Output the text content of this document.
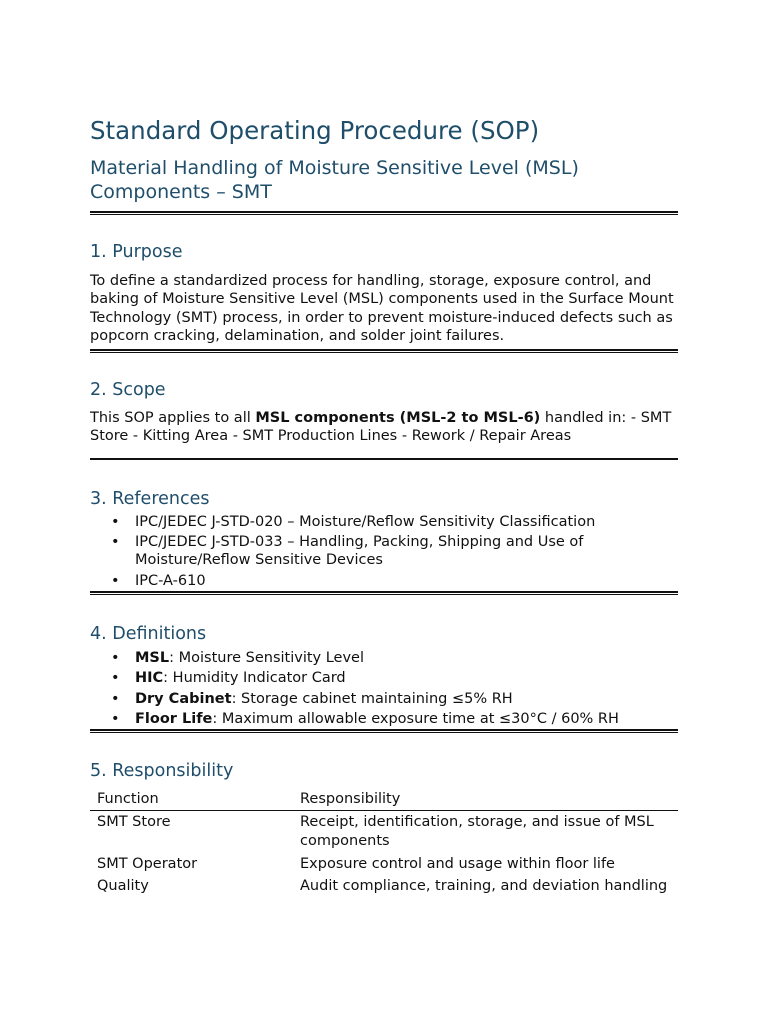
Standard Operating Procedure (SOP)
Material Handling of Moisture Sensitive Level (MSL) Components – SMT
1. Purpose

To define a standardized process for handling, storage, exposure control, and baking of Moisture Sensitive Level (MSL) components used in the Surface Mount Technology (SMT) process, in order to prevent moisture-induced defects such as popcorn cracking, delamination, and solder joint failures.

2. Scope

This SOP applies to all MSL components (MSL-2 to MSL-6) handled in: - SMT Store - Kitting Area - SMT Production Lines - Rework / Repair Areas

3. References
• IPC/JEDEC J-STD-020 – Moisture/Reflow Sensitivity Classification
• IPC/JEDEC J-STD-033 – Handling, Packing, Shipping and Use of Moisture/Reflow Sensitive Devices
• IPC-A-610
4. Definitions
• MSL: Moisture Sensitivity Level
• HIC: Humidity Indicator Card
• Dry Cabinet: Storage cabinet maintaining ≤5% RH
• Floor Life: Maximum allowable exposure time at ≤30°C / 60% RH
5. Responsibility
Function	Responsibility
SMT Store	Receipt, identification, storage, and issue of MSL components
SMT Operator	Exposure control and usage within floor life
Quality	Audit compliance, training, and deviation handling
